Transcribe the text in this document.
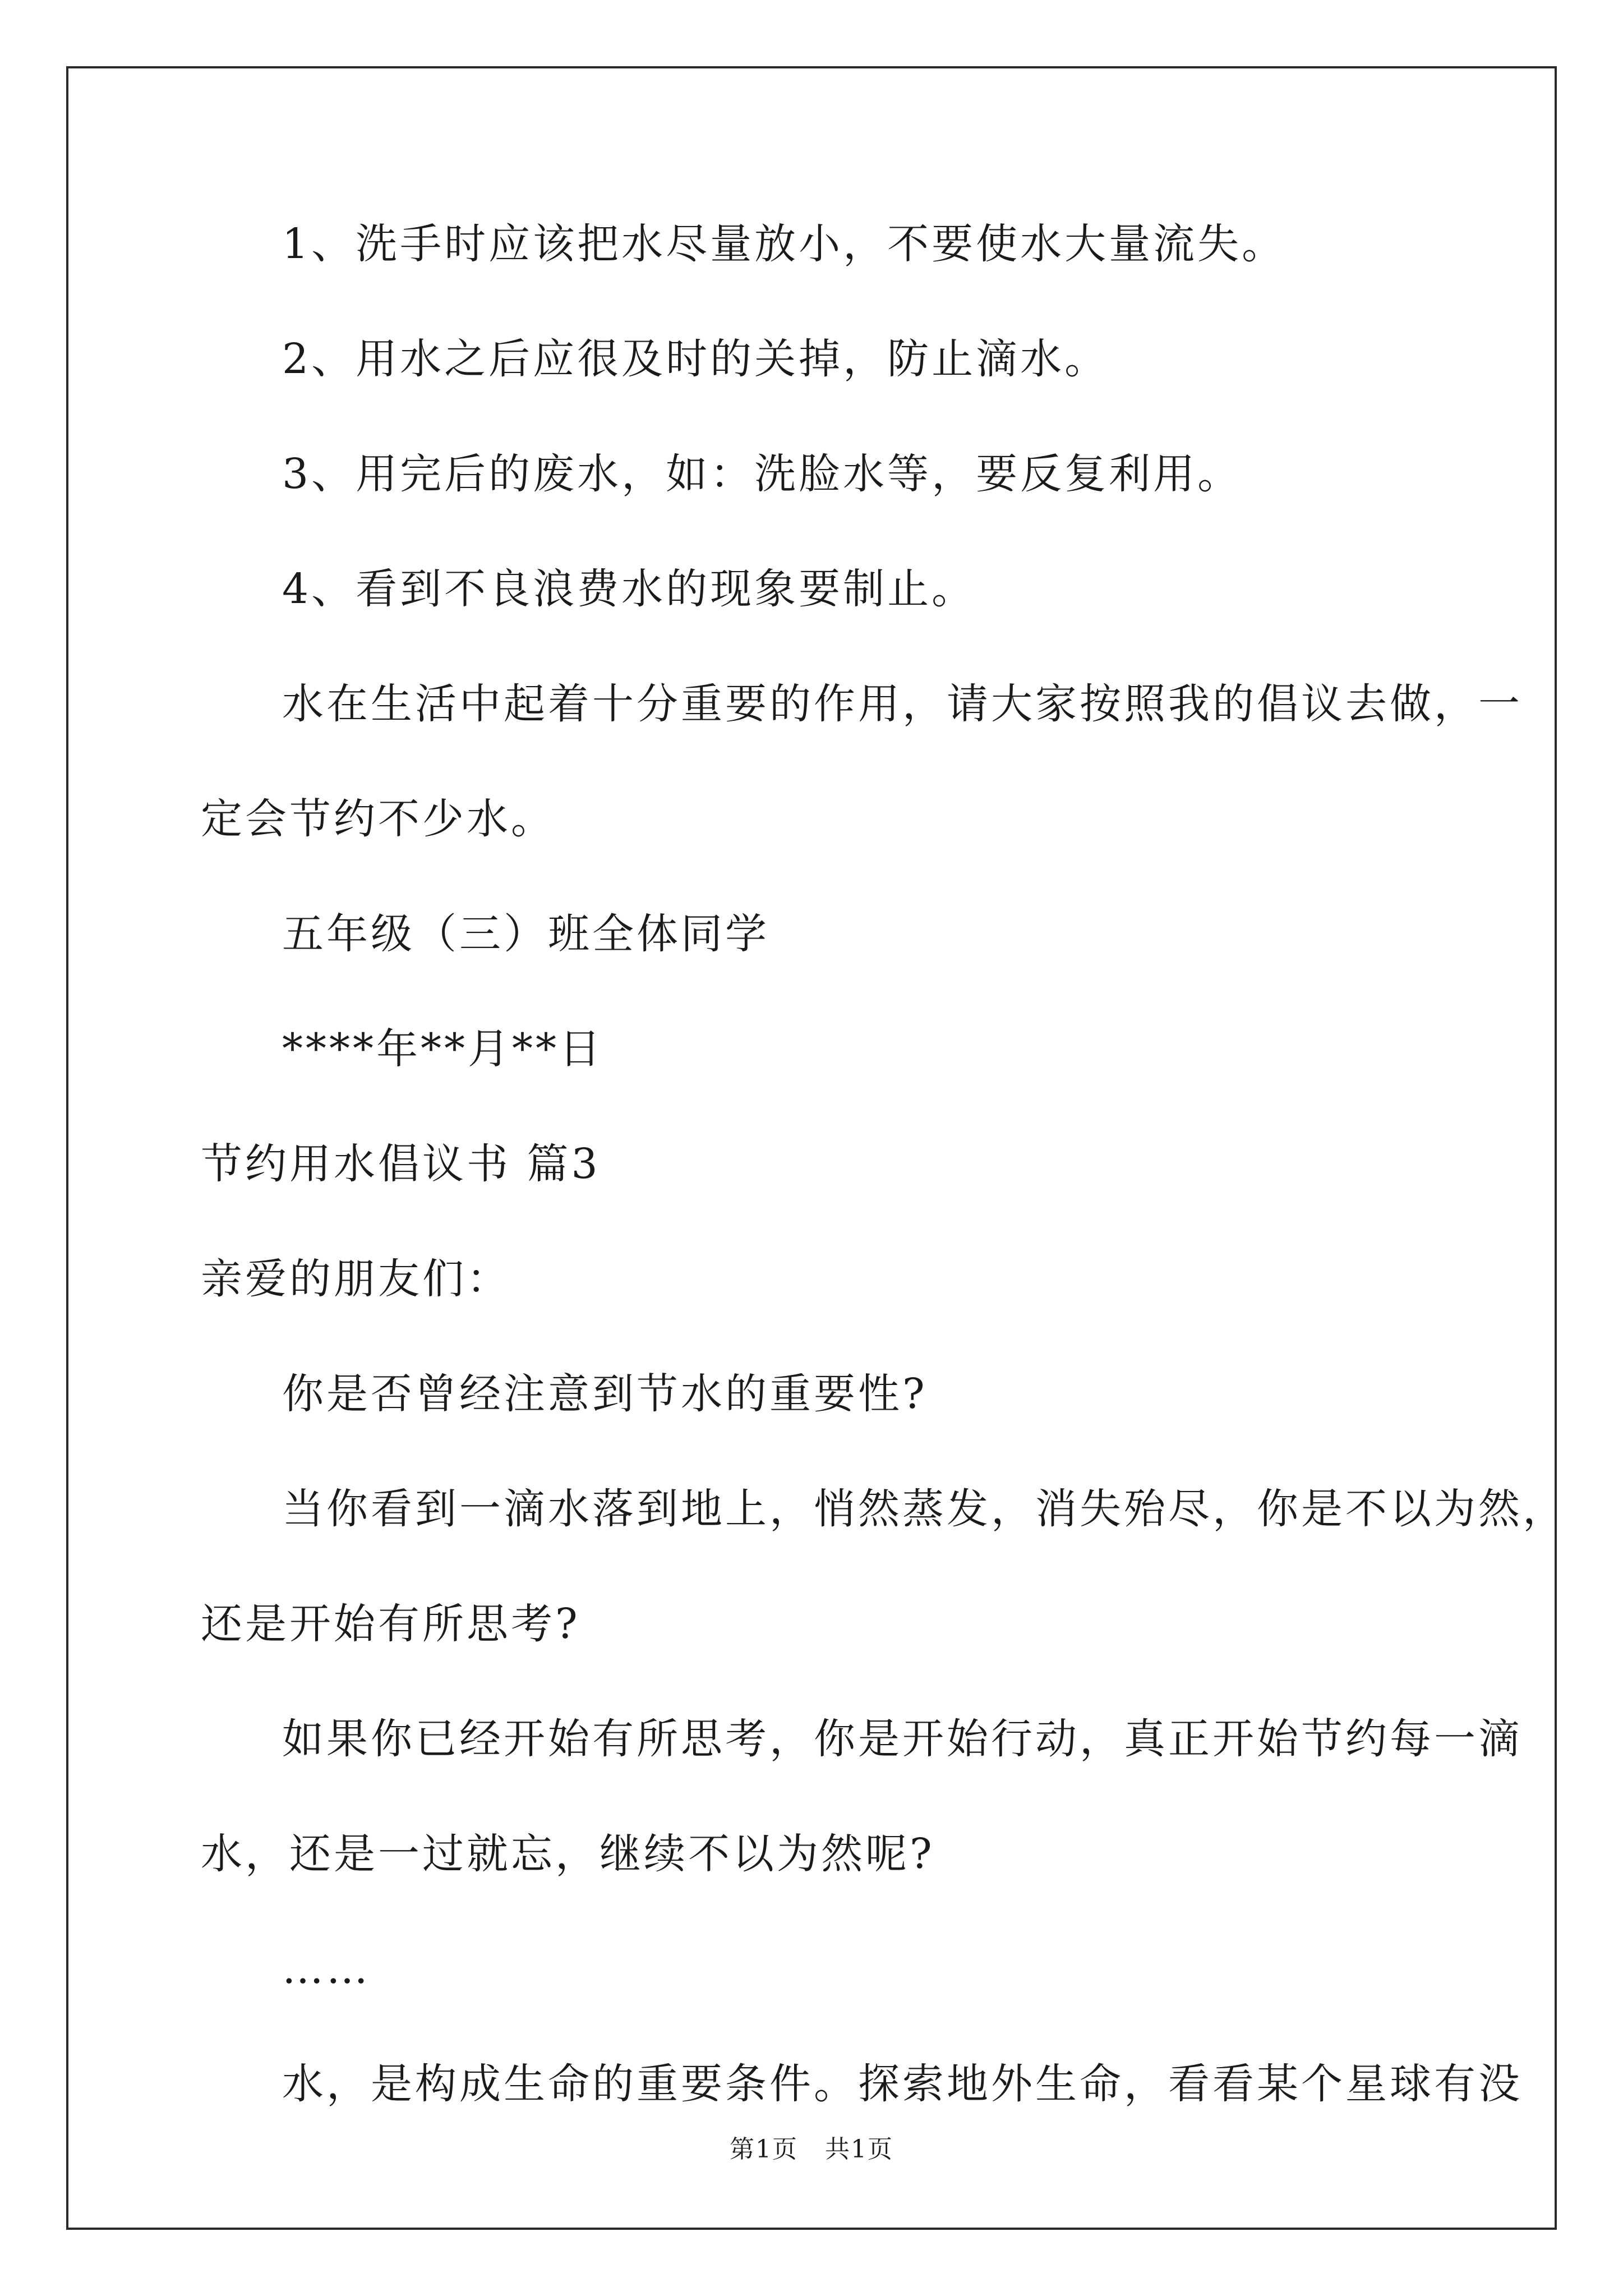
1、洗手时应该把水尽量放小，不要使水大量流失。
2、用水之后应很及时的关掉，防止滴水。
3、用完后的废水，如：洗脸水等，要反复利用。
4、看到不良浪费水的现象要制止。
水在生活中起着十分重要的作用，请大家按照我的倡议去做，一
定会节约不少水。
五年级（三）班全体同学
****年**月**日
节约用水倡议书 篇3
亲爱的朋友们：
你是否曾经注意到节水的重要性?
当你看到一滴水落到地上，悄然蒸发，消失殆尽，你是不以为然，
还是开始有所思考?
如果你已经开始有所思考，你是开始行动，真正开始节约每一滴
水，还是一过就忘，继续不以为然呢?
……
水，是构成生命的重要条件。探索地外生命，看看某个星球有没
第1页   共1页
